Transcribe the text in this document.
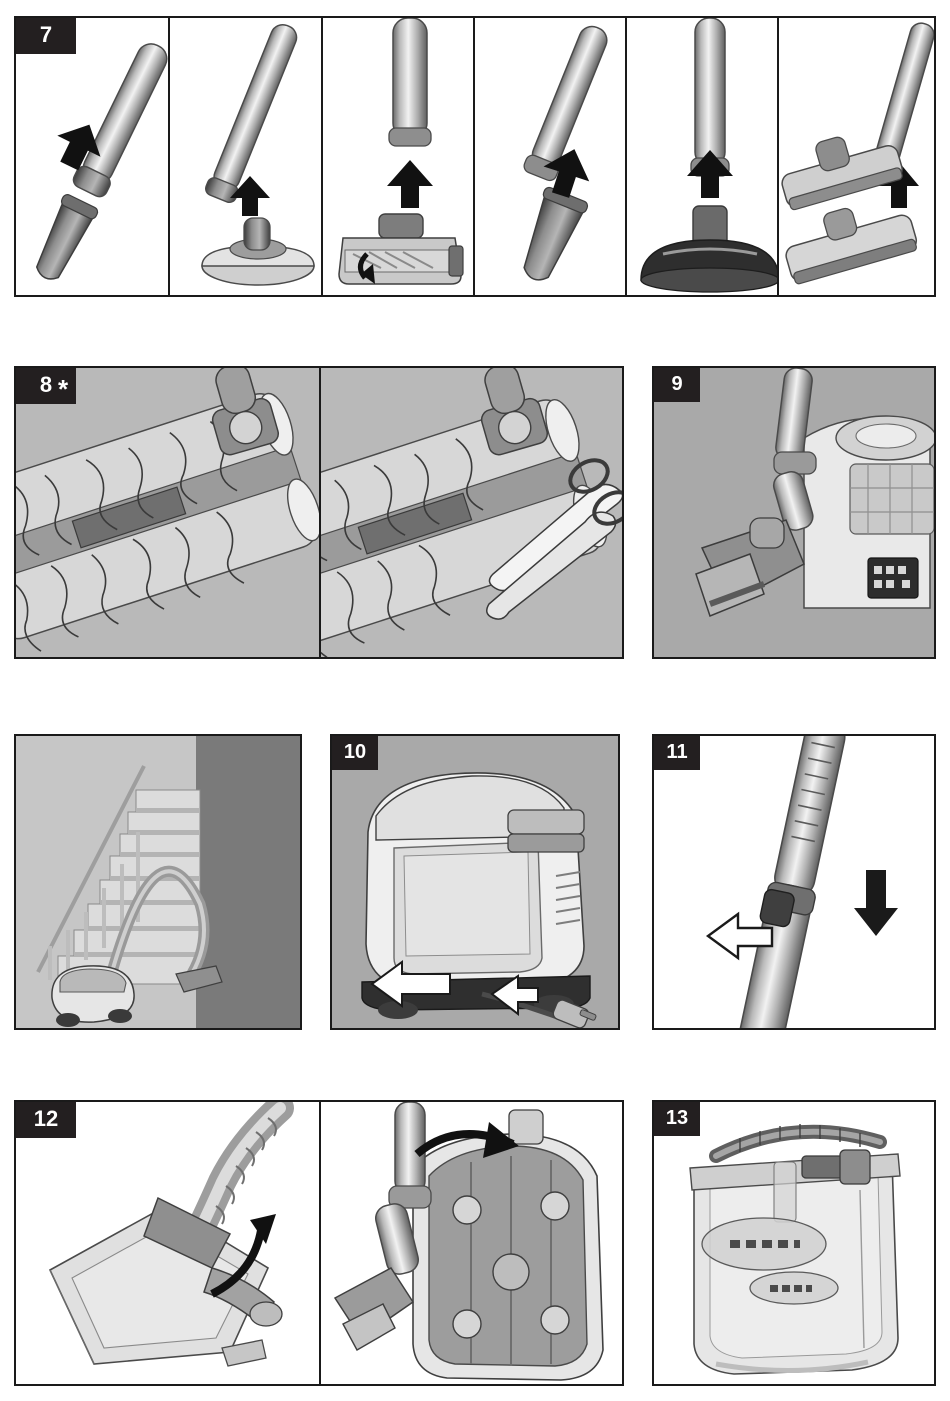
7
8 *	9
10	11
12	13
